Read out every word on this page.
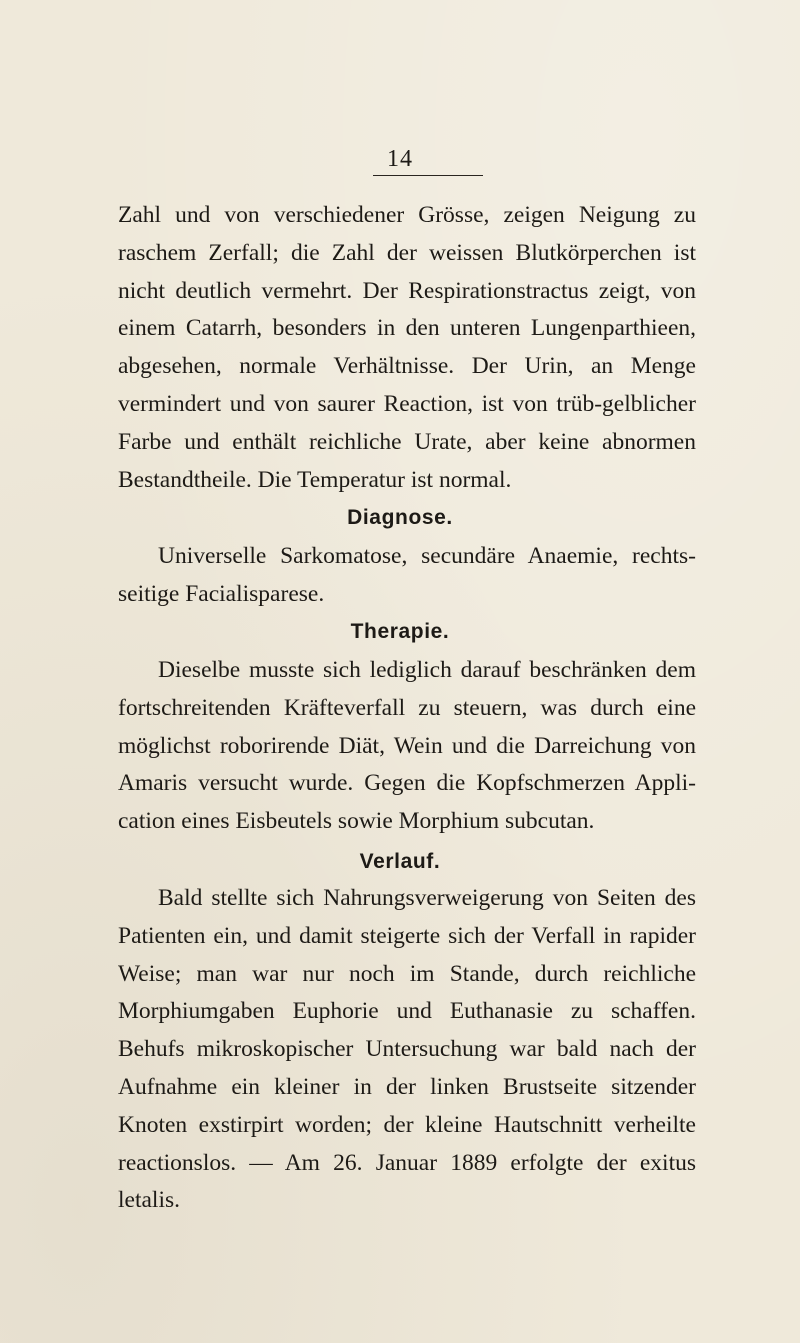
14
Zahl und von verschiedener Grösse, zeigen Neigung zu
raschem Zerfall; die Zahl der weissen Blutkörperchen ist
nicht deutlich vermehrt. Der Respirationstractus zeigt, von
einem Catarrh, besonders in den unteren Lungenparthieen,
abgesehen, normale Verhältnisse. Der Urin, an Menge
vermindert und von saurer Reaction, ist von trüb-gelblicher
Farbe und enthält reichliche Urate, aber keine abnormen
Bestandtheile. Die Temperatur ist normal.
Diagnose.
Universelle Sarkomatose, secundäre Anaemie, rechts-
seitige Facialisparese.
Therapie.
Dieselbe musste sich lediglich darauf beschränken dem
fortschreitenden Kräfteverfall zu steuern, was durch eine
möglichst roborirende Diät, Wein und die Darreichung von
Amaris versucht wurde. Gegen die Kopfschmerzen Appli-
cation eines Eisbeutels sowie Morphium subcutan.
Verlauf.
Bald stellte sich Nahrungsverweigerung von Seiten des
Patienten ein, und damit steigerte sich der Verfall in rapider
Weise; man war nur noch im Stande, durch reichliche
Morphiumgaben Euphorie und Euthanasie zu schaffen.
Behufs mikroskopischer Untersuchung war bald nach der
Aufnahme ein kleiner in der linken Brustseite sitzender
Knoten exstirpirt worden; der kleine Hautschnitt verheilte
reactionslos. — Am 26. Januar 1889 erfolgte der exitus
letalis.
